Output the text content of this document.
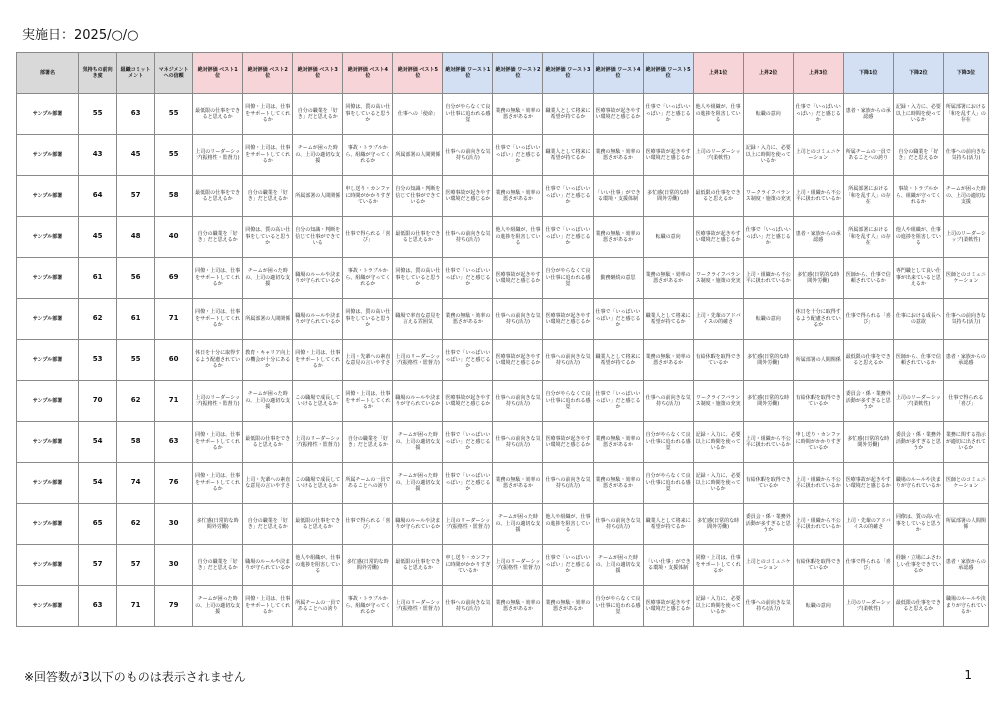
実施日：2025/○/○
部署名	気持ちの前向き度	組織コミットメント	マネジメントへの信頼	絶対評価 ベスト1位	絶対評価 ベスト2位	絶対評価 ベスト3位	絶対評価 ベスト4位	絶対評価 ベスト5位	絶対評価 ワースト1位	絶対評価 ワースト2位	絶対評価 ワースト3位	絶対評価 ワースト4位	絶対評価 ワースト5位	上昇1位	上昇2位	上昇3位	下降1位	下降2位	下降3位
サンプル部署	55	63	55	最低限の仕事をできると思えるか	同僚・上司は、仕事をサポートしてくれるか	自分の職業を「好き」だと思えるか	同僚は、質の高い仕事をしていると思うか	仕事への「使命」	自分がやらなくて良い仕事に追われる感覚	業務の無駄・効率の悪さがあるか	職業人として将来に希望が持てるか	医療事故が起きやすい環境だと感じるか	仕事で「いっぱいいっぱい」だと感じるか	他人や組織が、仕事の進捗を阻害している	転職の意向	仕事で「いっぱいいっぱい」だと感じるか	患者・家族からの承認感	記録・入力に、必要以上に時間を使っているか	所属部署における「和を乱す人」の存在
サンプル部署	43	45	55	上司のリーダーシップ(振格性・監督力)	同僚・上司は、仕事をサポートしてくれるか	チームが困った時の、上司の適切な支援	事故・トラブルから、組織が守ってくれるか	所属部署の人間関係	仕事への前向きな気持ち(活力)	仕事で「いっぱいいっぱい」だと感じるか	職業人として将来に希望が持てるか	業務の無駄・効率の悪さがあるか	医療事故が起きやすい環境だと感じるか	上司のリーダーシップ(柔軟性)	記録・入力に、必要以上に時間を使っているか	上司とのコミュニケーション	所属チームの一員であることへの誇り	自分の職業を「好き」だと思えるか	仕事への前向きな気持ち(活力)
サンプル部署	64	57	58	最低限の仕事をできると思えるか	自分の職業を「好き」だと思えるか	所属部署の人間関係	申し送り・カンファに時間がかかりすぎているか	自分の知識・判断を信じて仕事ができているか	医療事故が起きやすい環境だと感じるか	業務の無駄・効率の悪さがあるか	仕事で「いっぱいいっぱい」だと感じるか	「いい仕事」ができる環境・支援体制	多忙感(日常的な時間外労働)	最低限の仕事をできると思えるか	ワークライフバランス制度・施策の充実	上司・組織から不公平に扱われているか	所属部署における「和を乱す人」の存在	事故・トラブルから、組織が守ってくれるか	チームが困った時の、上司の適切な支援
サンプル部署	45	48	40	自分の職業を「好き」だと思えるか	同僚は、質の高い仕事をしていると思うか	自分の知識・判断を信じて仕事ができている	仕事で得られる「喜び」	最低限の仕事をできると思えるか	仕事への前向きな気持ち(活力)	他人や組織が、仕事の進捗を阻害している	仕事で「いっぱいいっぱい」だと感じるか	業務の無駄・効率の悪さがあるか	転職の意向	医療事故が起きやすい環境だと感じるか	仕事で「いっぱいいっぱい」だと感じるか	患者・家族からの承認感	所属部署における「和を乱す人」の存在	他人や組織が、仕事の進捗を阻害している	上司のリーダーシップ(柔軟性)
サンプル部署	61	56	69	同僚・上司は、仕事をサポートしてくれるか	チームが困った時の、上司の適切な支援	職場のルールや決まりが守られているか	事故・トラブルから、組織が守ってくれるか	同僚は、質の高い仕事をしていると思うか	仕事で「いっぱいいっぱい」だと感じるか	医療事故が起きやすい環境だと感じるか	自分がやらなくて良い仕事に追われる感覚	勤務継続の意思	業務の無駄・効率の悪さがあるか	ワークライフバランス制度・施策の充実	上司・組織から不公平に扱われているか	多忙感(日常的な時間外労働)	医師から、仕事で信頼されているか	専門職として良い仕事が出来ていると思えるか	医師とのコミュニケーション
サンプル部署	62	61	71	同僚・上司は、仕事をサポートしてくれるか	所属部署の人間関係	職場のルールや決まりが守られているか	同僚は、質の高い仕事をしていると思うか	職場で率直な意見を言える雰囲気	業務の無駄・効率の悪さがあるか	仕事への前向きな気持ち(活力)	医療事故が起きやすい環境だと感じるか	仕事で「いっぱいいっぱい」だと感じるか	職業人として将来に希望が持てるか	上司・先輩のアドバイスの的確さ	転職の意向	休日を十分に取得するよう配慮されているか	仕事で得られる「喜び」	仕事における成長への意欲	仕事への前向きな気持ち(活力)
サンプル部署	53	55	60	休日を十分に取得するよう配慮されているか	教育・キャリア向上の機会が十分にあるか	同僚・上司は、仕事をサポートしてくれるか	上司・先輩への素直な意見の言いやすさ	上司のリーダーシップ(振格性・監督力)	仕事で「いっぱいいっぱい」だと感じるか	医療事故が起きやすい環境だと感じるか	仕事への前向きな気持ち(活力)	職業人として将来に希望が持てるか	業務の無駄・効率の悪さがあるか	有給休暇を取得できているか	多忙感(日常的な時間外労働)	所属部署の人間関係	最低限の仕事をできると思えるか	医師から、仕事で信頼されているか	患者・家族からの承認感
サンプル部署	70	62	71	上司のリーダーシップ(振格性・監督力)	チームが困った時の、上司の適切な支援	この職場で成長していけると思えるか	同僚・上司は、仕事をサポートしてくれるか	職場のルールや決まりが守られているか	医療事故が起きやすい環境だと感じるか	仕事への前向きな気持ち(活力)	自分がやらなくて良い仕事に追われる感覚	仕事で「いっぱいいっぱい」だと感じるか	仕事への前向きな気持ち(活力)	ワークライフバランス制度・施策の充実	多忙感(日常的な時間外労働)	有給休暇を取得できているか	委員会・係・業務外活動が多すぎると思うか	上司のリーダーシップ(柔軟性)	仕事で得られる「喜び」
サンプル部署	54	58	63	同僚・上司は、仕事をサポートしてくれるか	最低限の仕事をできると思えるか	上司のリーダーシップ(振格性・監督力)	自分の職業を「好き」だと思えるか	チームが困った時の、上司の適切な支援	仕事で「いっぱいいっぱい」だと感じるか	仕事への前向きな気持ち(活力)	医療事故が起きやすい環境だと感じるか	業務の無駄・効率の悪さがあるか	自分がやらなくて良い仕事に追われる感覚	記録・入力に、必要以上に時間を使っているか	上司・組織から不公平に扱われているか	申し送り・カンファに時間がかかりすぎているか	多忙感(日常的な時間外労働)	委員会・係・業務外活動が多すぎると思うか	業務に関する指示が適切に出されているか
サンプル部署	54	74	76	同僚・上司は、仕事をサポートしてくれるか	上司・先輩への素直な意見の言いやすさ	この職場で成長していけると思えるか	所属チームの一員であることへの誇り	チームが困った時の、上司の適切な支援	仕事で「いっぱいいっぱい」だと感じるか	業務の無駄・効率の悪さがあるか	仕事への前向きな気持ち(活力)	業務の無駄・効率の悪さがあるか	自分がやらなくて良い仕事に追われる感覚	記録・入力に、必要以上に時間を使っているか	有給休暇を取得できているか	上司・組織から不公平に扱われているか	医療事故が起きやすい環境だと感じるか	職場のルールや決まりが守られているか	医師とのコミュニケーション
サンプル部署	65	62	30	多忙感(日常的な時間外労働)	自分の職業を「好き」だと思えるか	最低限の仕事をできると思えるか	仕事で得られる「喜び」	職場のルールや決まりが守られているか	上司のリーダーシップ(振格性・監督力)	チームが困った時の、上司の適切な支援	他人や組織が、仕事の進捗を阻害している	仕事への前向きな気持ち(活力)	職業人として将来に希望が持てるか	多忙感(日常的な時間外労働)	委員会・係・業務外活動が多すぎると思うか	上司・組織から不公平に扱われているか	上司・先輩のアドバイスの的確さ	同僚は、質の高い仕事をしていると思うか	所属部署の人間関係
サンプル部署	57	57	30	自分の職業を「好き」だと思えるか	職場のルールや決まりが守られているか	他人や組織が、仕事の進捗を阻害している	多忙感(日常的な時間外労働)	最低限の仕事をできると思えるか	申し送り・カンファに時間がかかりすぎているか	上司のリーダーシップ(振格性・監督力)	仕事で「いっぱいいっぱい」だと感じるか	チームが困った時の、上司の適切な支援	「いい仕事」ができる環境・支援体制	同僚・上司は、仕事をサポートしてくれるか	上司とのコミュニケーション	有給休暇を取得できているか	仕事で得られる「喜び」	経験・立場にふさわしい仕事をできているか	患者・家族からの承認感
サンプル部署	63	71	79	チームが困った時の、上司の適切な支援	同僚・上司は、仕事をサポートしてくれるか	所属チームの一員であることへの誇り	事故・トラブルから、組織が守ってくれるか	上司のリーダーシップ(振格性・監督力)	仕事への前向きな気持ち(活力)	業務の無駄・効率の悪さがあるか	業務の無駄・効率の悪さがあるか	自分がやらなくて良い仕事に追われる感覚	医療事故が起きやすい環境だと感じるか	記録・入力に、必要以上に時間を使っているか	仕事への前向きな気持ち(活力)	転職の意向	上司のリーダーシップ(柔軟性)	最低限の仕事をできると思えるか	職場のルールや決まりが守られているか
※回答数が3以下のものは表示されません	1
